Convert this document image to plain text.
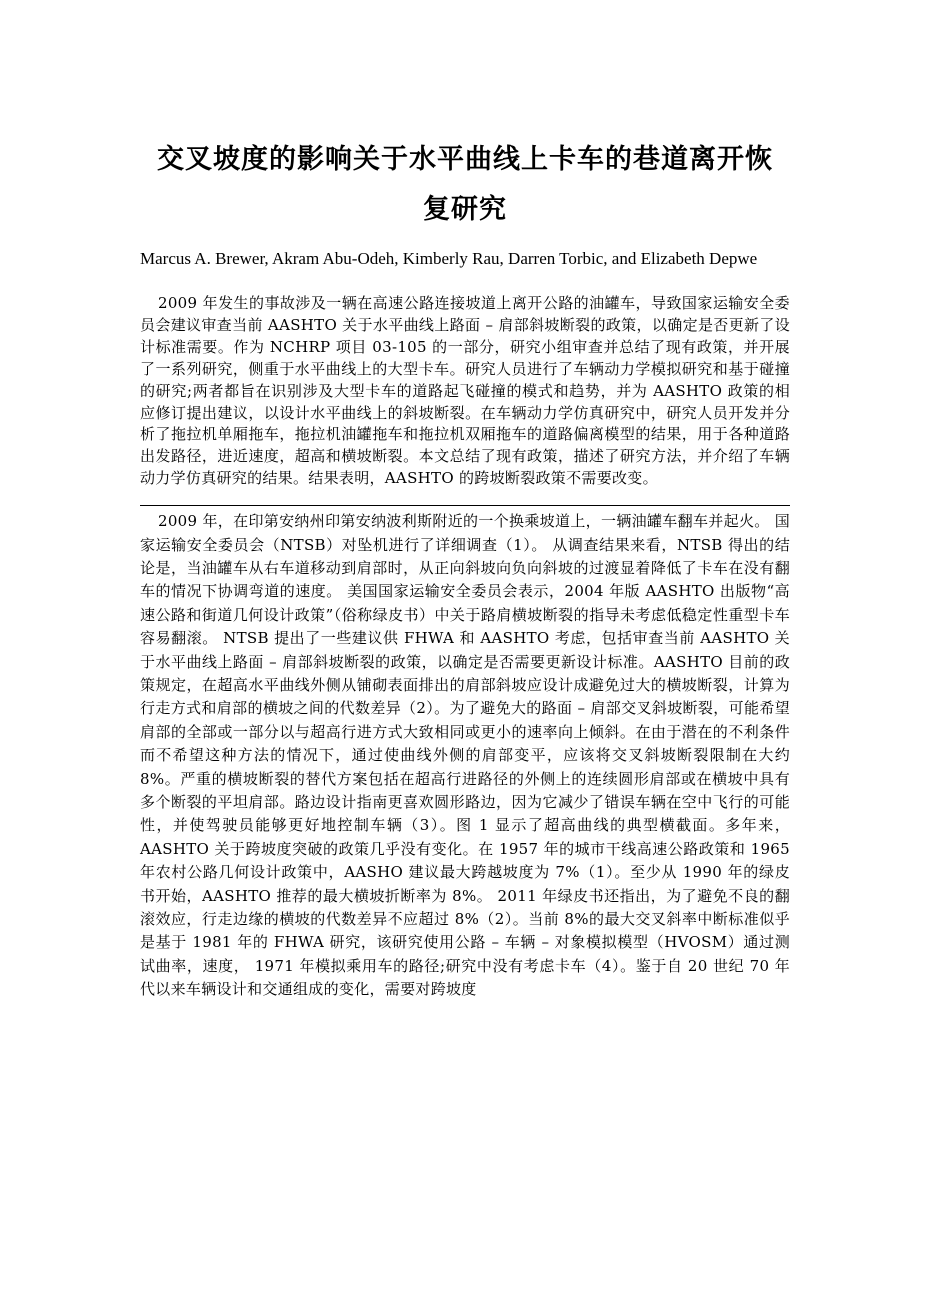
交叉坡度的影响关于水平曲线上卡车的巷道离开恢
复研究
Marcus A. Brewer, Akram Abu-Odeh, Kimberly Rau, Darren Torbic, and Elizabeth Depwe

2009 年发生的事故涉及一辆在高速公路连接坡道上离开公路的油罐车，导致国家运输安全委员会建议审查当前 AASHTO 关于水平曲线上路面 – 肩部斜坡断裂的政策，以确定是否更新了设计标准需要。作为 NCHRP 项目 03-105 的一部分，研究小组审查并总结了现有政策，并开展了一系列研究，侧重于水平曲线上的大型卡车。研究人员进行了车辆动力学模拟研究和基于碰撞的研究;两者都旨在识别涉及大型卡车的道路起飞碰撞的模式和趋势，并为 AASHTO 政策的相应修订提出建议，以设计水平曲线上的斜坡断裂。在车辆动力学仿真研究中，研究人员开发并分析了拖拉机单厢拖车，拖拉机油罐拖车和拖拉机双厢拖车的道路偏离模型的结果，用于各种道路出发路径，进近速度，超高和横坡断裂。本文总结了现有政策，描述了研究方法，并介绍了车辆动力学仿真研究的结果。结果表明，AASHTO 的跨坡断裂政策不需要改变。

2009 年，在印第安纳州印第安纳波利斯附近的一个换乘坡道上，一辆油罐车翻车并起火。 国家运输安全委员会（NTSB）对坠机进行了详细调查（1）。 从调查结果来看，NTSB 得出的结论是，当油罐车从右车道移动到肩部时，从正向斜坡向负向斜坡的过渡显着降低了卡车在没有翻车的情况下协调弯道的速度。 美国国家运输安全委员会表示，2004 年版 AASHTO 出版物“高速公路和街道几何设计政策”（俗称绿皮书）中关于路肩横坡断裂的指导未考虑低稳定性重型卡车容易翻滚。 NTSB 提出了一些建议供 FHWA 和 AASHTO 考虑，包括审查当前 AASHTO 关于水平曲线上路面 – 肩部斜坡断裂的政策，以确定是否需要更新设计标准。AASHTO 目前的政策规定，在超高水平曲线外侧从铺砌表面排出的肩部斜坡应设计成避免过大的横坡断裂，计算为行走方式和肩部的横坡之间的代数差异（2）。为了避免大的路面 – 肩部交叉斜坡断裂，可能希望肩部的全部或一部分以与超高行进方式大致相同或更小的速率向上倾斜。在由于潜在的不利条件而不希望这种方法的情况下，通过使曲线外侧的肩部变平，应该将交叉斜坡断裂限制在大约 8%。严重的横坡断裂的替代方案包括在超高行进路径的外侧上的连续圆形肩部或在横坡中具有多个断裂的平坦肩部。路边设计指南更喜欢圆形路边，因为它减少了错误车辆在空中飞行的可能性，并使驾驶员能够更好地控制车辆（3）。图 1 显示了超高曲线的典型横截面。多年来，AASHTO 关于跨坡度突破的政策几乎没有变化。在 1957 年的城市干线高速公路政策和 1965 年农村公路几何设计政策中，AASHO 建议最大跨越坡度为 7%（1）。至少从 1990 年的绿皮书开始，AASHTO 推荐的最大横坡折断率为 8%。 2011 年绿皮书还指出，为了避免不良的翻滚效应，行走边缘的横坡的代数差异不应超过 8%（2）。当前 8%的最大交叉斜率中断标准似乎是基于 1981 年的 FHWA 研究，该研究使用公路 – 车辆 – 对象模拟模型（HVOSM）通过测试曲率，速度， 1971 年模拟乘用车的路径;研究中没有考虑卡车（4）。鉴于自 20 世纪 70 年代以来车辆设计和交通组成的变化，需要对跨坡度
